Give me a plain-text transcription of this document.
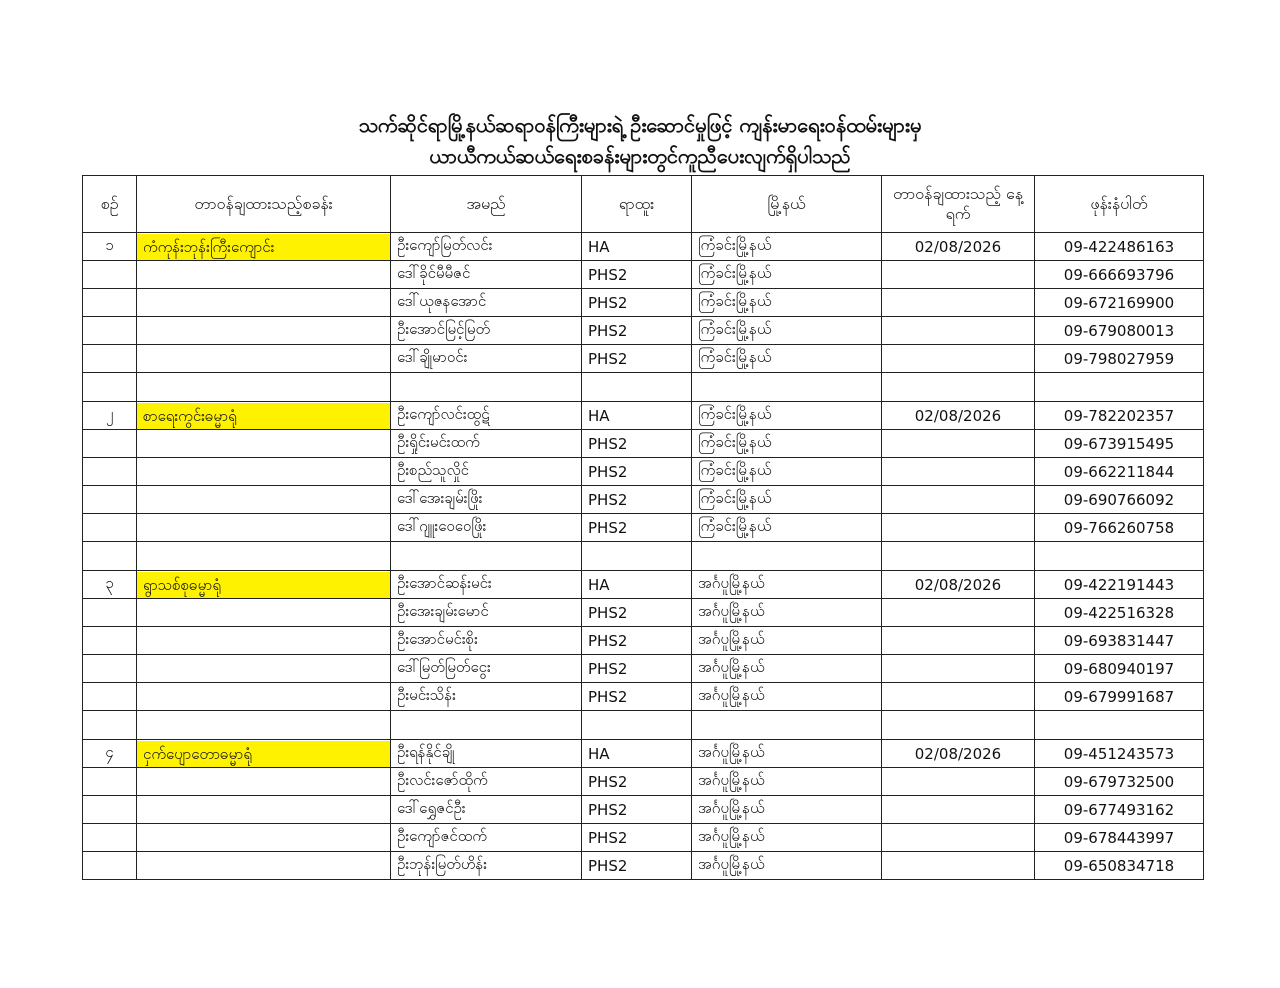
သက်ဆိုင်ရာမြို့နယ်ဆရာဝန်ကြီးများရဲ့ ဦးဆောင်မှုဖြင့် ကျန်းမာရေးဝန်ထမ်းများမှ
ယာယီကယ်ဆယ်ရေးစခန်းများတွင်ကူညီပေးလျက်ရှိပါသည်
စဉ်	တာဝန်ချထားသည့်စခန်း	အမည်	ရာထူး	မြို့နယ်	တာဝန်ချထားသည့် နေ့ရက်	ဖုန်းနံပါတ်
၁	ကံကုန်းဘုန်းကြီးကျောင်း	ဦးကျော်မြတ်လင်း	HA	ကြံခင်းမြို့နယ်	02/08/2026	09-422486163
		ဒေါ်ခိုင်မီမီဇင်	PHS2	ကြံခင်းမြို့နယ်		09-666693796
		ဒေါ်ယုဇနအောင်	PHS2	ကြံခင်းမြို့နယ်		09-672169900
		ဦးအောင်မြင့်မြတ်	PHS2	ကြံခင်းမြို့နယ်		09-679080013
		ဒေါ်ချိုမာဝင်း	PHS2	ကြံခင်းမြို့နယ်		09-798027959

၂	စာရေးကွင်းဓမ္မာရုံ	ဦးကျော်လင်းထွဋ်	HA	ကြံခင်းမြို့နယ်	02/08/2026	09-782202357
		ဦးရှိုင်းမင်းထက်	PHS2	ကြံခင်းမြို့နယ်		09-673915495
		ဦးစည်သူလှိုင်	PHS2	ကြံခင်းမြို့နယ်		09-662211844
		ဒေါ်အေးချမ်းဖြိုး	PHS2	ကြံခင်းမြို့နယ်		09-690766092
		ဒေါ်ဂျူးဝေဝေဖြိုး	PHS2	ကြံခင်းမြို့နယ်		09-766260758

၃	ရွာသစ်စုဓမ္မာရုံ	ဦးအောင်ဆန်းမင်း	HA	အင်္ဂပူမြို့နယ်	02/08/2026	09-422191443
		ဦးအေးချမ်းမောင်	PHS2	အင်္ဂပူမြို့နယ်		09-422516328
		ဦးအောင်မင်းစိုး	PHS2	အင်္ဂပူမြို့နယ်		09-693831447
		ဒေါ်မြတ်မြတ်ငွေး	PHS2	အင်္ဂပူမြို့နယ်		09-680940197
		ဦးမင်းသိန်း	PHS2	အင်္ဂပူမြို့နယ်		09-679991687

၄	ငှက်ပျောတောဓမ္မာရုံ	ဦးရန်နိုင်ချို	HA	အင်္ဂပူမြို့နယ်	02/08/2026	09-451243573
		ဦးလင်းဇော်ထိုက်	PHS2	အင်္ဂပူမြို့နယ်		09-679732500
		ဒေါ်ရွှေဇင်ဦး	PHS2	အင်္ဂပူမြို့နယ်		09-677493162
		ဦးကျော်ဇင်ထက်	PHS2	အင်္ဂပူမြို့နယ်		09-678443997
		ဦးဘုန်းမြတ်ဟိန်း	PHS2	အင်္ဂပူမြို့နယ်		09-650834718
